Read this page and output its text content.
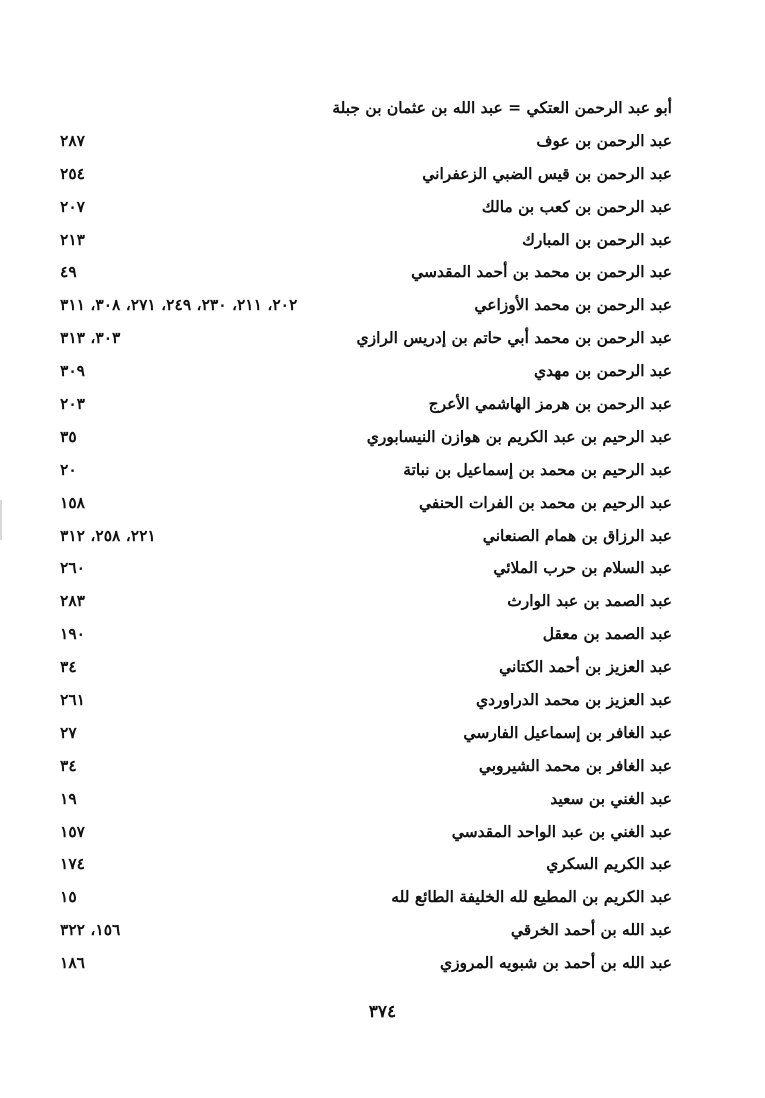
أبو عبد الرحمن العتكي = عبد الله بن عثمان بن جبلة
عبد الرحمن بن عوف
٢٨٧
عبد الرحمن بن قيس الضبي الزعفراني
٢٥٤
عبد الرحمن بن كعب بن مالك
٢٠٧
عبد الرحمن بن المبارك
٢١٣
عبد الرحمن بن محمد بن أحمد المقدسي
٤٩
عبد الرحمن بن محمد الأوزاعي
٢٠٢، ٢١١، ٢٣٠، ٢٤٩، ٢٧١، ٣٠٨، ٣١١
عبد الرحمن بن محمد أبي حاتم بن إدريس الرازي
٣٠٣، ٣١٣
عبد الرحمن بن مهدي
٣٠٩
عبد الرحمن بن هرمز الهاشمي الأعرج
٢٠٣
عبد الرحيم بن عبد الكريم بن هوازن النيسابوري
٣٥
عبد الرحيم بن محمد بن إسماعيل بن نباتة
٢٠
عبد الرحيم بن محمد بن الفرات الحنفي
١٥٨
عبد الرزاق بن همام الصنعاني
٢٢١، ٢٥٨، ٣١٢
عبد السلام بن حرب الملائي
٢٦٠
عبد الصمد بن عبد الوارث
٢٨٣
عبد الصمد بن معقل
١٩٠
عبد العزيز بن أحمد الكتاني
٣٤
عبد العزيز بن محمد الدراوردي
٢٦١
عبد الغافر بن إسماعيل الفارسي
٢٧
عبد الغافر بن محمد الشيروبي
٣٤
عبد الغني بن سعيد
١٩
عبد الغني بن عبد الواحد المقدسي
١٥٧
عبد الكريم السكري
١٧٤
عبد الكريم بن المطيع لله الخليفة الطائع لله
١٥
عبد الله بن أحمد الخرقي
١٥٦، ٣٢٢
عبد الله بن أحمد بن شبويه المروزي
١٨٦
٣٧٤
